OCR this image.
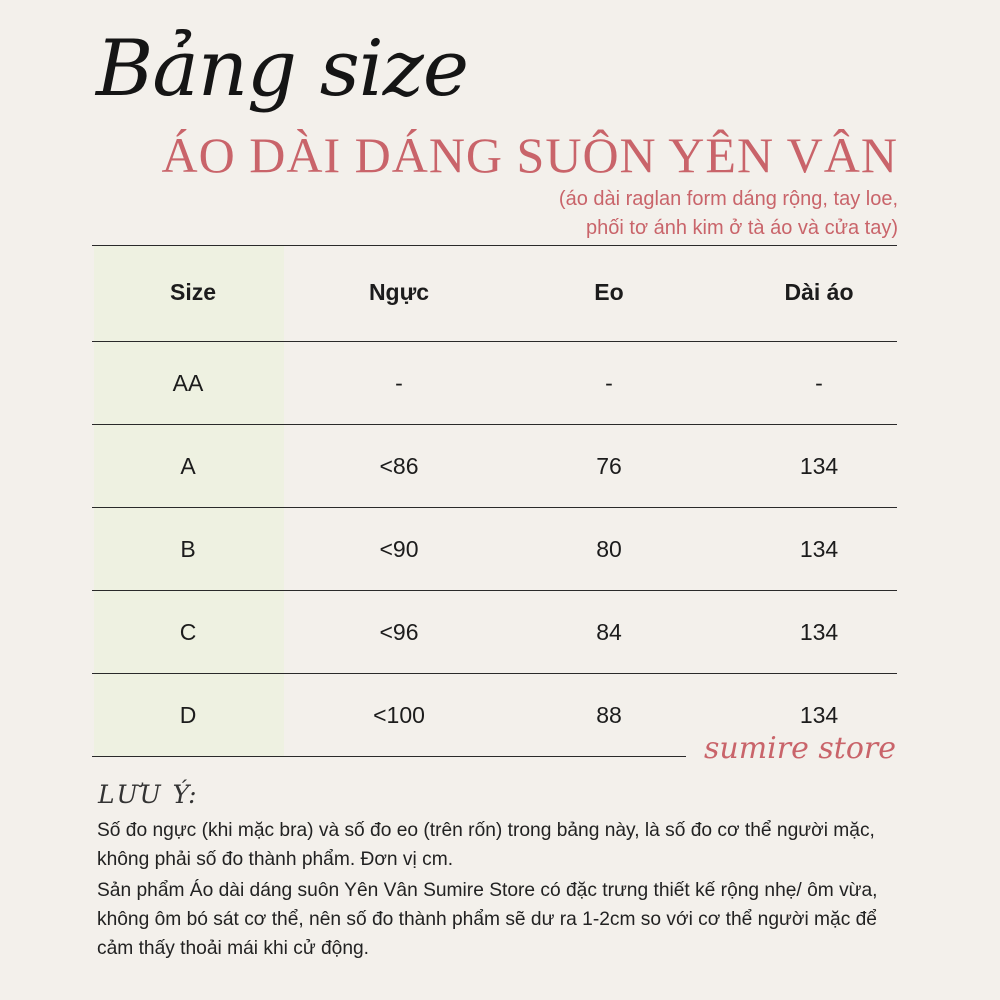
Bảng size
ÁO DÀI DÁNG SUÔN YÊN VÂN
(áo dài raglan form dáng rộng, tay loe,
phối tơ ánh kim ở tà áo và cửa tay)
Size	Ngực	Eo	Dài áo
AA	-	-	-
A	<86	76	134
B	<90	80	134
C	<96	84	134
D	<100	88	134
sumire store
LƯU Ý:
Số đo ngực (khi mặc bra) và số đo eo (trên rốn) trong bảng này, là số đo cơ thể người mặc, không phải số đo thành phẩm. Đơn vị cm.
Sản phẩm Áo dài dáng suôn Yên Vân Sumire Store có đặc trưng thiết kế rộng nhẹ/ ôm vừa, không ôm bó sát cơ thể, nên số đo thành phẩm sẽ dư ra 1-2cm so với cơ thể người mặc để cảm thấy thoải mái khi cử động.
